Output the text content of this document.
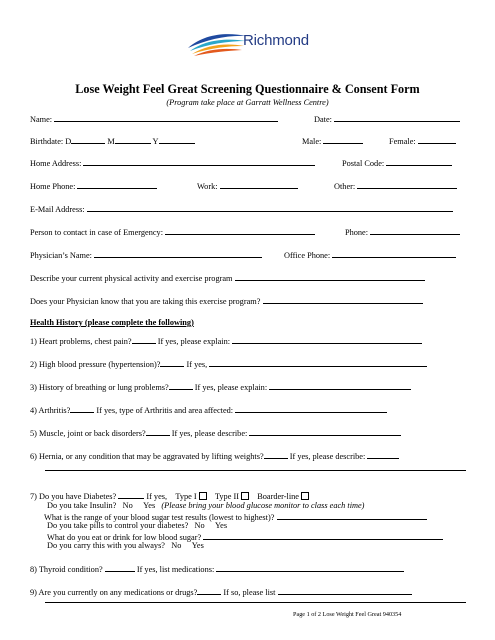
Richmond
Lose Weight Feel Great Screening Questionnaire & Consent Form
(Program take place at Garratt Wellness Centre)
Name:	Date:
Birthdate: D	M	Y	Male:	Female:
Home Address:	Postal Code:
Home Phone:	Work:	Other:
E-Mail Address:
Person to contact in case of Emergency:	Phone:
Physician’s Name:	Office Phone:
Describe your current physical activity and exercise program
Does your Physician know that you are taking this exercise program?
Health History (please complete the following)
1) Heart problems, chest pain?	If yes, please explain:
2) High blood pressure (hypertension)?	If yes,
3) History of breathing or lung problems?	If yes, please explain:
4) Arthritis?	If yes, type of Arthritis and area affected:
5) Muscle, joint or back disorders?	If yes, please describe:
6) Hernia, or any condition that may be aggravated by lifting weights?	If yes, please describe:
7) Do you have Diabetes?	If yes, Type I Type II Boarder-line
Do you take Insulin? No Yes (Please bring your blood glucose monitor to class each time)
What is the range of your blood sugar test results (lowest to highest)?
Do you take pills to control your diabetes? No Yes
What do you eat or drink for low blood sugar?
Do you carry this with you always? No Yes
8) Thyroid condition?	If yes, list medications:
9) Are you currently on any medications or drugs?	If so, please list
Page 1 of 2 Lose Weight Feel Great 940354
